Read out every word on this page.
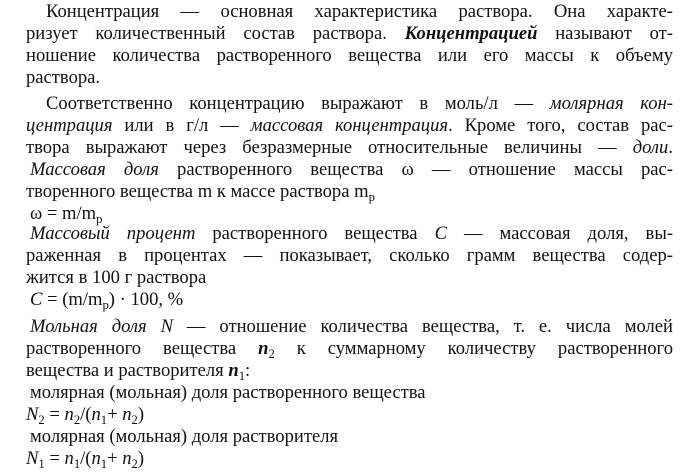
Концентрация — основная характеристика раствора. Она характе-
ризует количественный состав раствора. Концентрацией называют от-
ношение количества растворенного вещества или его массы к объему
раствора.
Соответственно концентрацию выражают в моль/л — молярная кон-
центрация или в г/л — массовая концентрация. Кроме того, состав рас-
твора выражают через безразмерные относительные величины — доли.
Массовая доля растворенного вещества ω — отношение массы рас-
творенного вещества m к массе раствора $m_р$
$\omega = m/m_р$
Массовый процент растворенного вещества C — массовая доля, вы-
раженная в процентах — показывает, сколько грамм вещества содер-
жится в 100 г раствора
$C = (m/m_р) \cdot 100$, %
Мольная доля N — отношение количества вещества, т. е. числа молей
растворенного вещества $n_2$ к суммарному количеству растворенного
вещества и растворителя $n_1$:
молярная (мольная) доля растворенного вещества
$N_2 = n_2/(n_1+ n_2)$
молярная (мольная) доля растворителя
$N_1 = n_1/(n_1+ n_2)$
